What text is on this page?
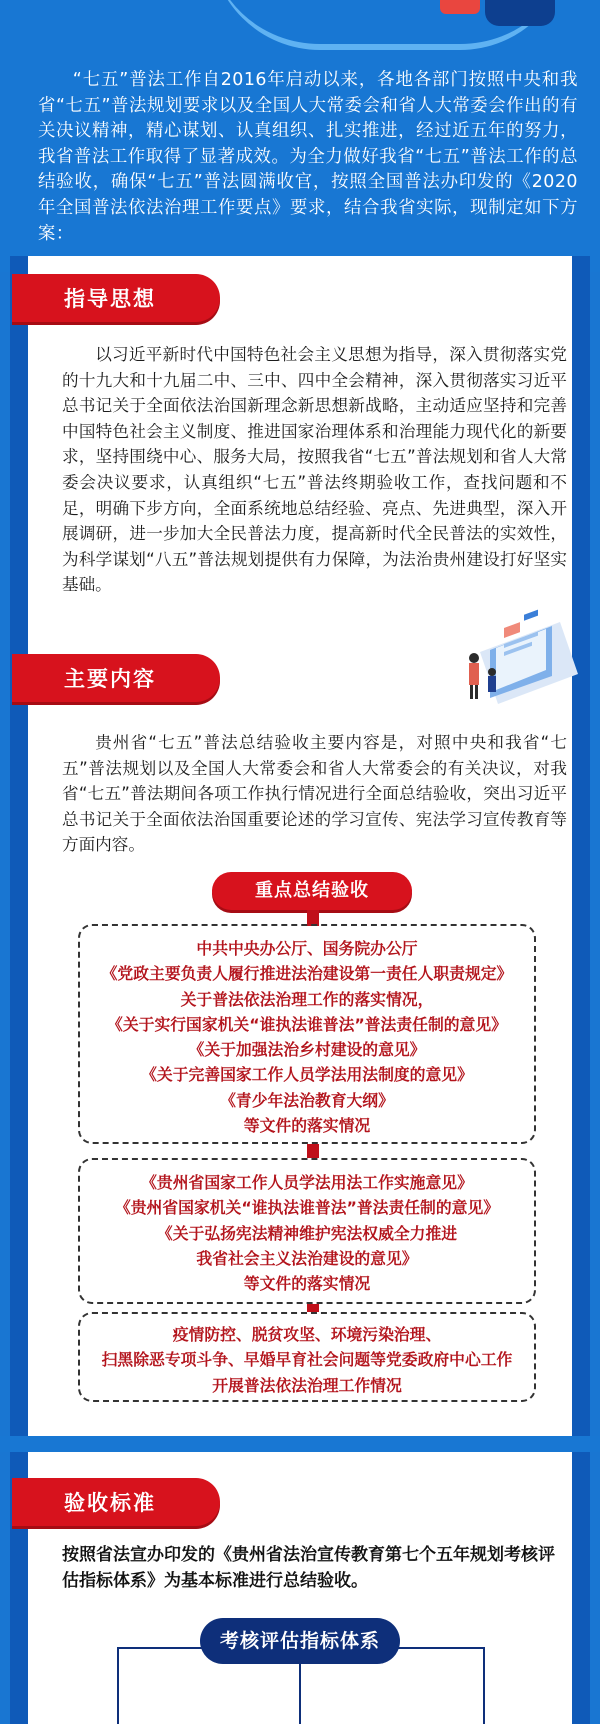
“七五”普法工作自2016年启动以来，各地各部门按照中央和我省“七五”普法规划要求以及全国人大常委会和省人大常委会作出的有关决议精神，精心谋划、认真组织、扎实推进，经过近五年的努力，我省普法工作取得了显著成效。为全力做好我省“七五”普法工作的总结验收，确保“七五”普法圆满收官，按照全国普法办印发的《2020年全国普法依法治理工作要点》要求，结合我省实际，现制定如下方案：

指导思想

以习近平新时代中国特色社会主义思想为指导，深入贯彻落实党的十九大和十九届二中、三中、四中全会精神，深入贯彻落实习近平总书记关于全面依法治国新理念新思想新战略，主动适应坚持和完善中国特色社会主义制度、推进国家治理体系和治理能力现代化的新要求，坚持围绕中心、服务大局，按照我省“七五”普法规划和省人大常委会决议要求，认真组织“七五”普法终期验收工作，查找问题和不足，明确下步方向，全面系统地总结经验、亮点、先进典型，深入开展调研，进一步加大全民普法力度，提高新时代全民普法的实效性，为科学谋划“八五”普法规划提供有力保障，为法治贵州建设打好坚实基础。

主要内容

贵州省“七五”普法总结验收主要内容是，对照中央和我省“七五”普法规划以及全国人大常委会和省人大常委会的有关决议，对我省“七五”普法期间各项工作执行情况进行全面总结验收，突出习近平总书记关于全面依法治国重要论述的学习宣传、宪法学习宣传教育等方面内容。

重点总结验收
中共中央办公厅、国务院办公厅
《党政主要负责人履行推进法治建设第一责任人职责规定》
关于普法依法治理工作的落实情况，
《关于实行国家机关“谁执法谁普法”普法责任制的意见》
《关于加强法治乡村建设的意见》
《关于完善国家工作人员学法用法制度的意见》
《青少年法治教育大纲》
等文件的落实情况
《贵州省国家工作人员学法用法工作实施意见》
《贵州省国家机关“谁执法谁普法”普法责任制的意见》
《关于弘扬宪法精神维护宪法权威全力推进
我省社会主义法治建设的意见》
等文件的落实情况
疫情防控、脱贫攻坚、环境污染治理、
扫黑除恶专项斗争、早婚早育社会问题等党委政府中心工作
开展普法依法治理工作情况
验收标准

按照省法宣办印发的《贵州省法治宣传教育第七个五年规划考核评估指标体系》为基本标准进行总结验收。

考核评估指标体系
